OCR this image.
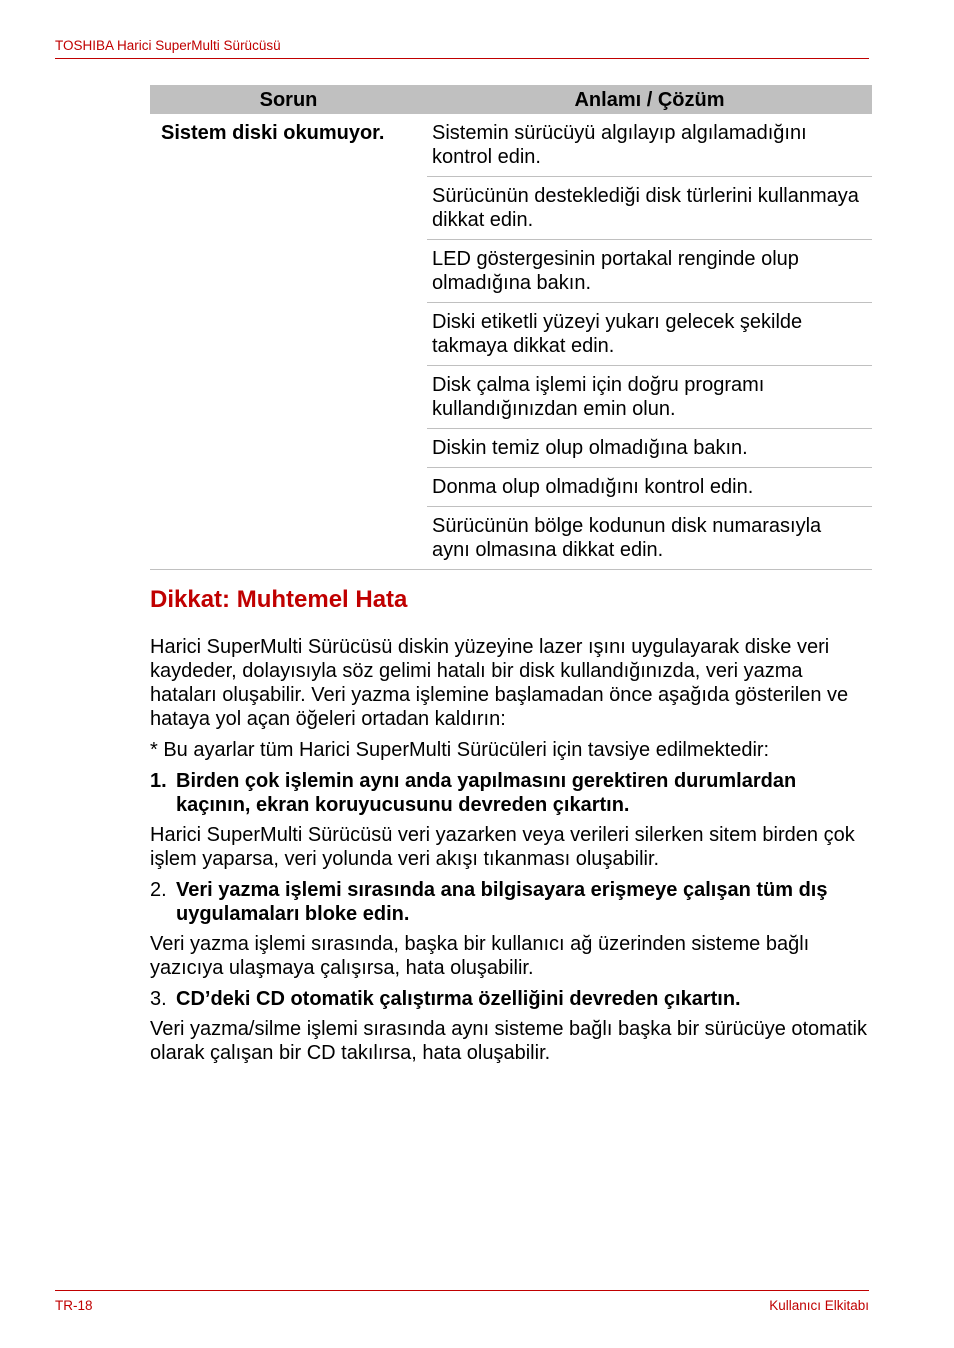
TOSHIBA Harici SuperMulti Sürücüsü
Sorun	Anlamı / Çözüm
Sistem diski okumuyor.	Sistemin sürücüyü algılayıp algılamadığını kontrol edin.
	Sürücünün desteklediği disk türlerini kullanmaya dikkat edin.
	LED göstergesinin portakal renginde olup olmadığına bakın.
	Diski etiketli yüzeyi yukarı gelecek şekilde takmaya dikkat edin.
	Disk çalma işlemi için doğru programı kullandığınızdan emin olun.
	Diskin temiz olup olmadığına bakın.
	Donma olup olmadığını kontrol edin.
	Sürücünün bölge kodunun disk numarasıyla aynı olmasına dikkat edin.
Dikkat: Muhtemel Hata

Harici SuperMulti Sürücüsü diskin yüzeyine lazer ışını uygulayarak diske veri kaydeder, dolayısıyla söz gelimi hatalı bir disk kullandığınızda, veri yazma hataları oluşabilir. Veri yazma işlemine başlamadan önce aşağıda gösterilen ve hataya yol açan öğeleri ortadan kaldırın:

* Bu ayarlar tüm Harici SuperMulti Sürücüleri için tavsiye edilmektedir:

1. Birden çok işlemin aynı anda yapılmasını gerektiren durumlardan kaçının, ekran koruyucusunu devreden çıkartın.

Harici SuperMulti Sürücüsü veri yazarken veya verileri silerken sitem birden çok işlem yaparsa, veri yolunda veri akışı tıkanması oluşabilir.

2. Veri yazma işlemi sırasında ana bilgisayara erişmeye çalışan tüm dış uygulamaları bloke edin.

Veri yazma işlemi sırasında, başka bir kullanıcı ağ üzerinden sisteme bağlı yazıcıya ulaşmaya çalışırsa, hata oluşabilir.

3. CD’deki CD otomatik çalıştırma özelliğini devreden çıkartın.

Veri yazma/silme işlemi sırasında aynı sisteme bağlı başka bir sürücüye otomatik olarak çalışan bir CD takılırsa, hata oluşabilir.

TR-18	Kullanıcı Elkitabı
